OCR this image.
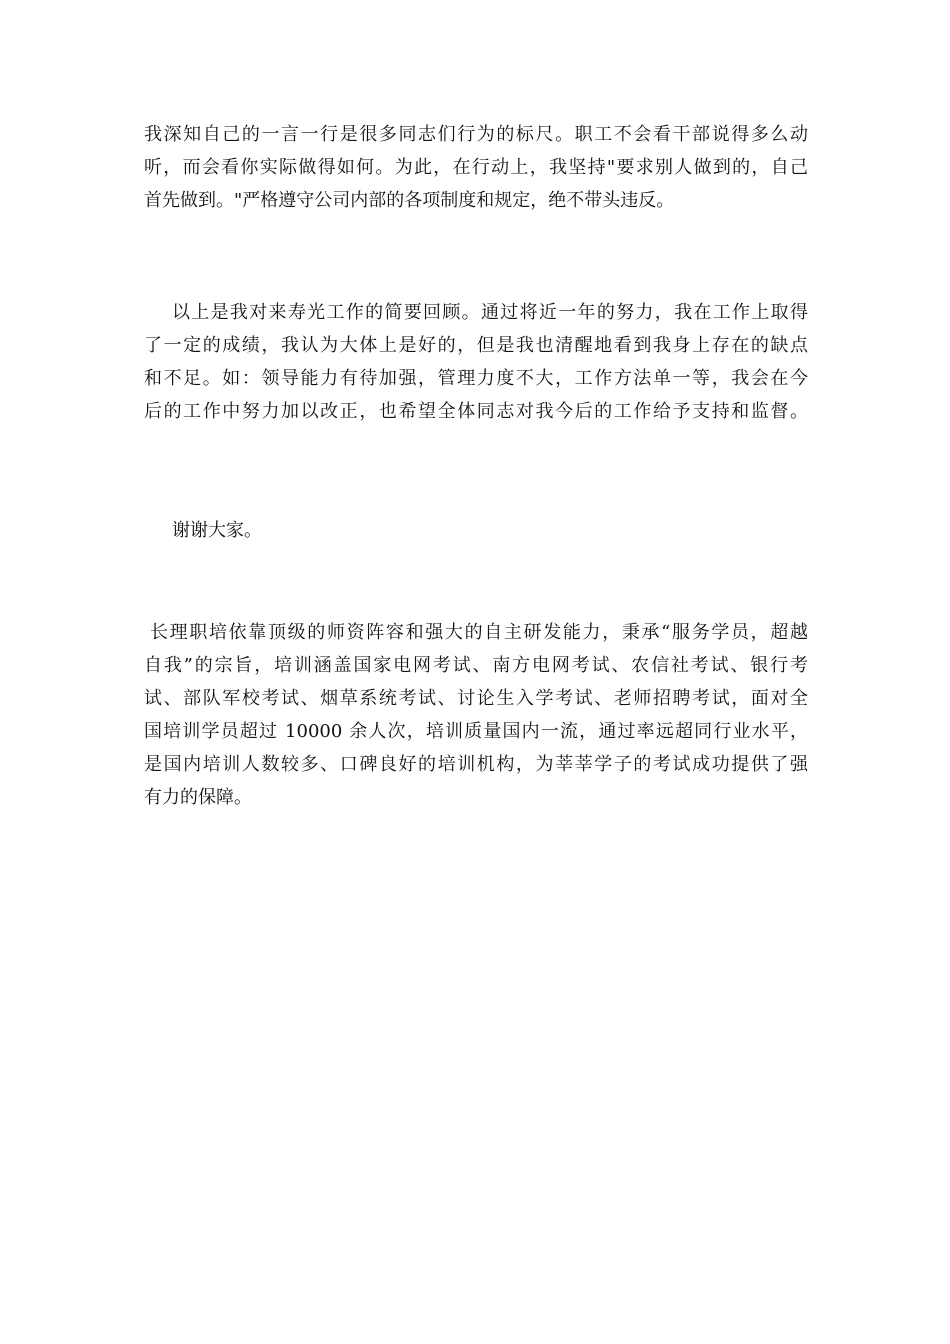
我深知自己的一言一行是很多同志们行为的标尺。职工不会看干部说得多么动
听，而会看你实际做得如何。为此，在行动上，我坚持"要求别人做到的，自己
首先做到。"严格遵守公司内部的各项制度和规定，绝不带头违反。
以上是我对来寿光工作的简要回顾。通过将近一年的努力，我在工作上取得
了一定的成绩，我认为大体上是好的，但是我也清醒地看到我身上存在的缺点
和不足。如：领导能力有待加强，管理力度不大，工作方法单一等，我会在今
后的工作中努力加以改正，也希望全体同志对我今后的工作给予支持和监督。
谢谢大家。
长理职培依靠顶级的师资阵容和强大的自主研发能力，秉承“服务学员，超越
自我”的宗旨，培训涵盖国家电网考试、南方电网考试、农信社考试、银行考
试、部队军校考试、烟草系统考试、讨论生入学考试、老师招聘考试，面对全
国培训学员超过 10000 余人次，培训质量国内一流，通过率远超同行业水平，
是国内培训人数较多、口碑良好的培训机构，为莘莘学子的考试成功提供了强
有力的保障。
